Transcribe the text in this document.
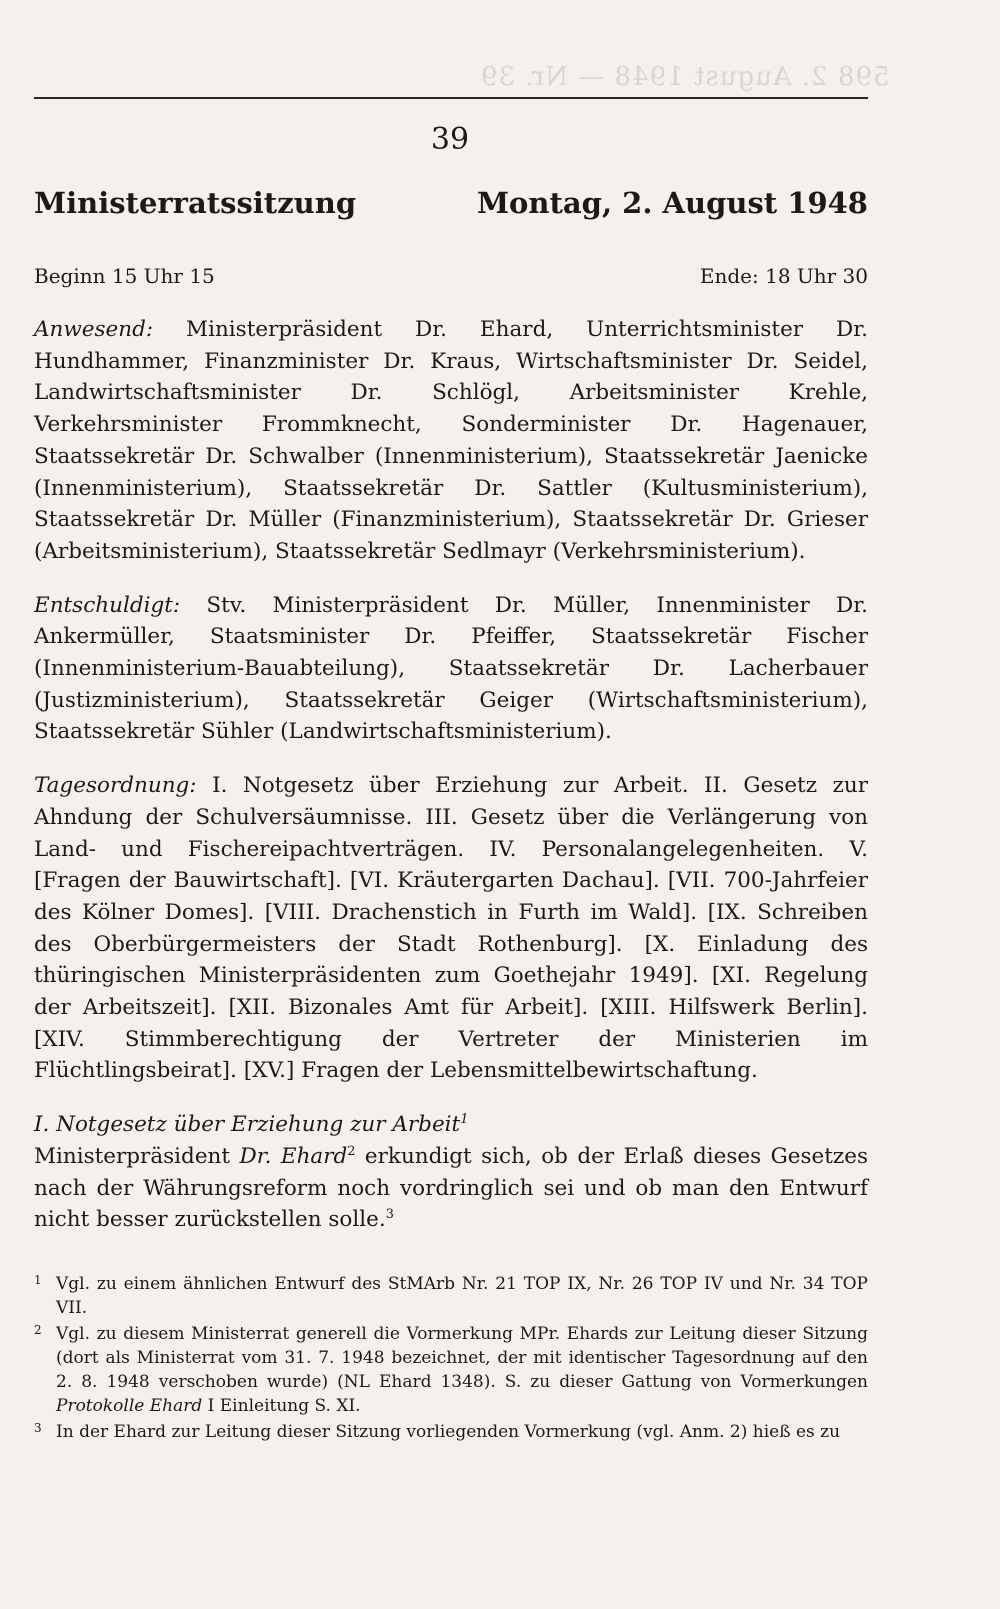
598 2. August 1948 — Nr. 39
39
Ministerratssitzung	Montag, 2. August 1948
Beginn 15 Uhr 15	Ende: 18 Uhr 30

Anwesend: Ministerpräsident Dr. Ehard, Unterrichtsminister Dr. Hundhammer, Finanzminister Dr. Kraus, Wirtschaftsminister Dr. Seidel, Landwirtschaftsminister Dr. Schlögl, Arbeitsminister Krehle, Verkehrsminister Frommknecht, Sonderminister Dr. Hagenauer, Staatssekretär Dr. Schwalber (Innenministerium), Staatssekretär Jaenicke (Innenministerium), Staatssekretär Dr. Sattler (Kultusministerium), Staatssekretär Dr. Müller (Finanzministerium), Staatssekretär Dr. Grieser (Arbeitsministerium), Staatssekretär Sedlmayr (Verkehrsministerium).

Entschuldigt: Stv. Ministerpräsident Dr. Müller, Innenminister Dr. Ankermüller, Staatsminister Dr. Pfeiffer, Staatssekretär Fischer (Innenministerium-Bauabteilung), Staatssekretär Dr. Lacherbauer (Justizministerium), Staatssekretär Geiger (Wirtschaftsministerium), Staatssekretär Sühler (Landwirtschaftsministerium).

Tagesordnung: I. Notgesetz über Erziehung zur Arbeit. II. Gesetz zur Ahndung der Schulversäumnisse. III. Gesetz über die Verlängerung von Land- und Fischereipachtverträgen. IV. Personalangelegenheiten. V. [Fragen der Bauwirtschaft]. [VI. Kräutergarten Dachau]. [VII. 700-Jahrfeier des Kölner Domes]. [VIII. Drachenstich in Furth im Wald]. [IX. Schreiben des Oberbürgermeisters der Stadt Rothenburg]. [X. Einladung des thüringischen Ministerpräsidenten zum Goethejahr 1949]. [XI. Regelung der Arbeitszeit]. [XII. Bizonales Amt für Arbeit]. [XIII. Hilfswerk Berlin]. [XIV. Stimmberechtigung der Vertreter der Ministerien im Flüchtlingsbeirat]. [XV.] Fragen der Lebensmittelbewirtschaftung.

I. Notgesetz über Erziehung zur Arbeit$^1$
Ministerpräsident Dr. Ehard$^2$ erkundigt sich, ob der Erlaß dieses Gesetzes nach der Währungsreform noch vordringlich sei und ob man den Entwurf nicht besser zurückstellen solle.$^3$
1 Vgl. zu einem ähnlichen Entwurf des StMArb Nr. 21 TOP IX, Nr. 26 TOP IV und Nr. 34 TOP VII.
2 Vgl. zu diesem Ministerrat generell die Vormerkung MPr. Ehards zur Leitung dieser Sitzung (dort als Ministerrat vom 31. 7. 1948 bezeichnet, der mit identischer Tagesordnung auf den 2. 8. 1948 verschoben wurde) (NL Ehard 1348). S. zu dieser Gattung von Vormerkungen Protokolle Ehard I Einleitung S. XI.
3 In der Ehard zur Leitung dieser Sitzung vorliegenden Vormerkung (vgl. Anm. 2) hieß es zu
